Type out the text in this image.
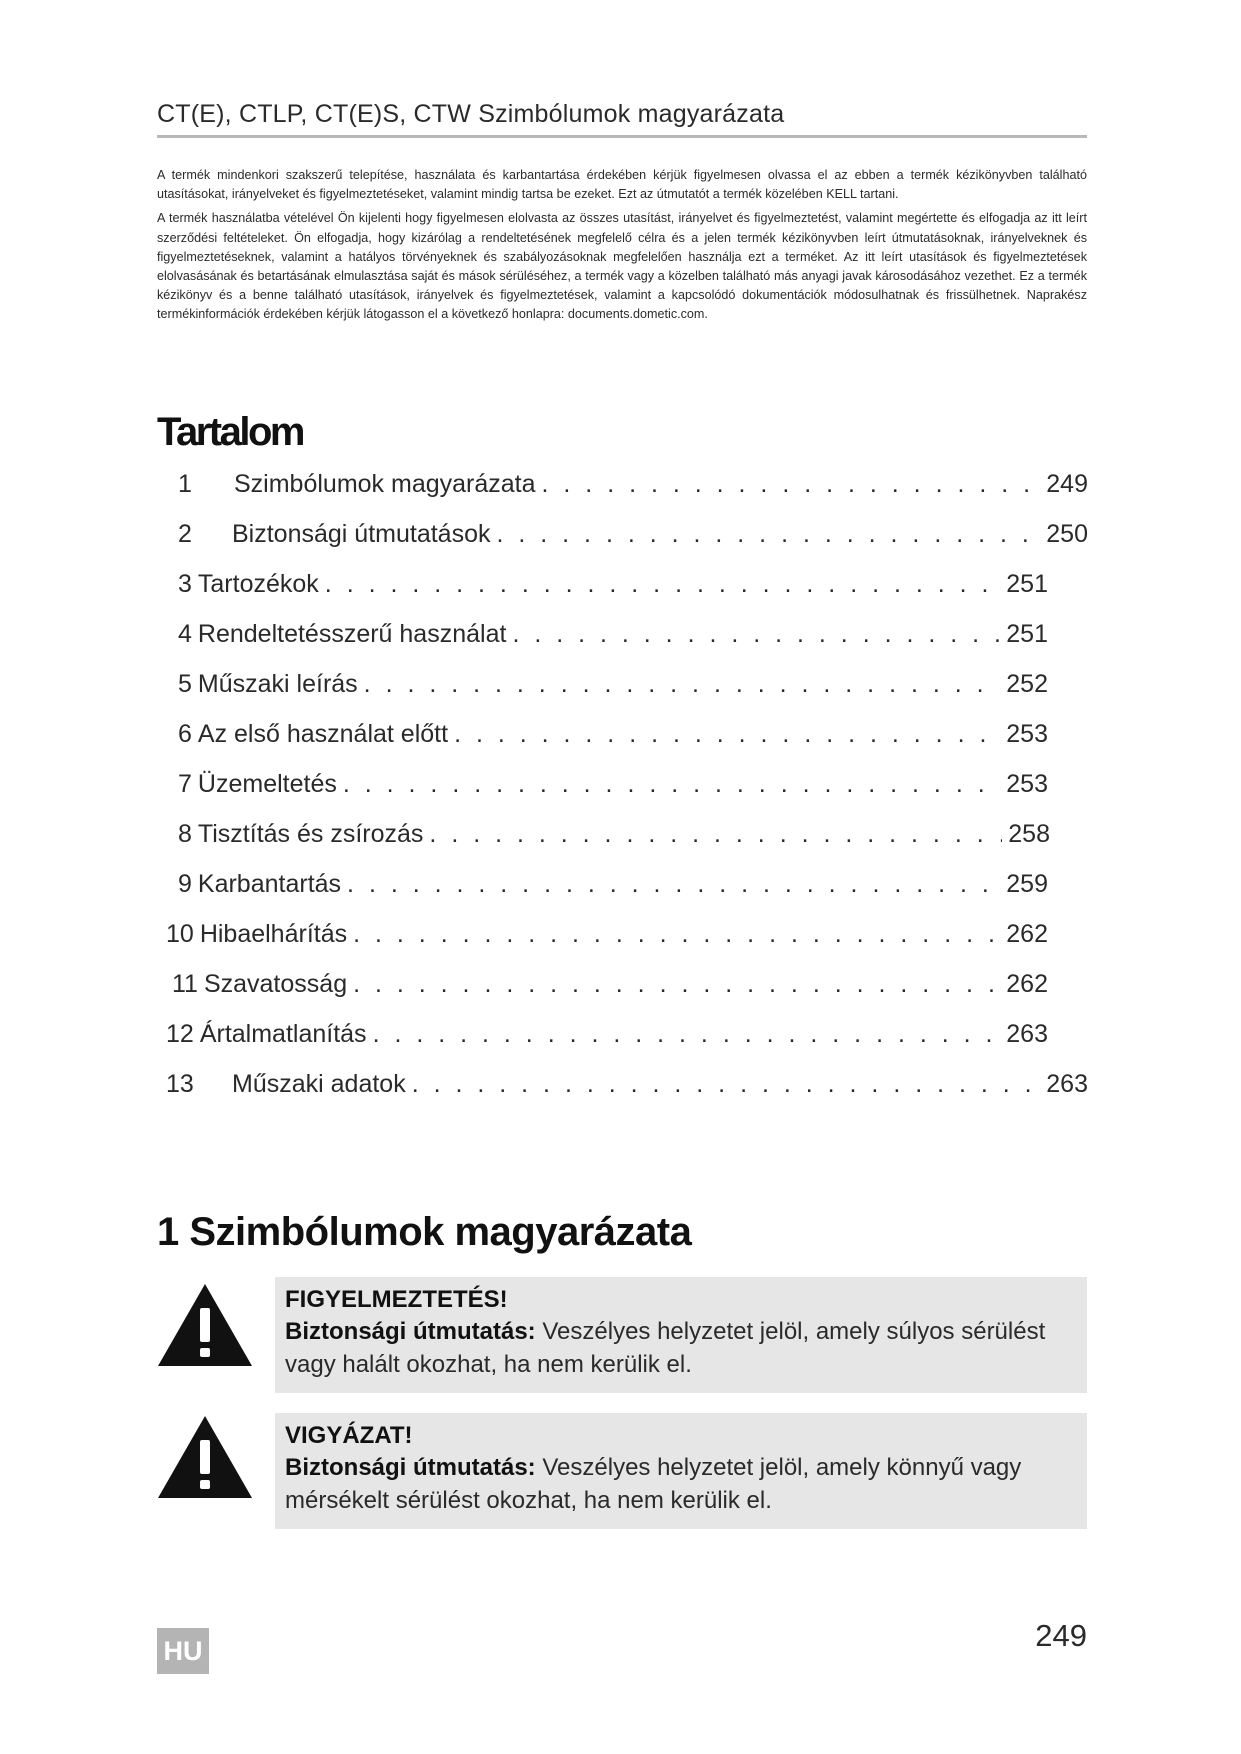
CT(E), CTLP, CT(E)S, CTW Szimbólumok magyarázata

A termék mindenkori szakszerű telepítése, használata és karbantartása érdekében kérjük figyelmesen olvassa el az ebben a termék kézikönyvben található utasításokat, irányelveket és figyelmeztetéseket, valamint mindig tartsa be ezeket. Ezt az útmutatót a termék közelében KELL tartani.

A termék használatba vételével Ön kijelenti hogy figyelmesen elolvasta az összes utasítást, irányelvet és figyelmeztetést, valamint megértette és elfogadja az itt leírt szerződési feltételeket. Ön elfogadja, hogy kizárólag a rendeltetésének megfelelő célra és a jelen termék kézikönyvben leírt útmutatásoknak, irányelveknek és figyelmeztetéseknek, valamint a hatályos törvényeknek és szabályozásoknak megfelelően használja ezt a terméket. Az itt leírt utasítások és figyelmeztetések elolvasásának és betartásának elmulasztása saját és mások sérüléséhez, a termék vagy a közelben található más anyagi javak károsodásához vezethet. Ez a termék kézikönyv és a benne található utasítások, irányelvek és figyelmeztetések, valamint a kapcsolódó dokumentációk módosulhatnak és frissülhetnek. Naprakész termékinformációk érdekében kérjük látogasson el a következő honlapra: documents.dometic.com.

Tartalom
1	Szimbólumok magyarázata . . .	249
2	Biztonsági útmutatások . . .	250
3 Tartozékok . . .	251
4 Rendeltetésszerű használat . . .	251
5 Műszaki leírás . . .	252
6 Az első használat előtt . . .	253
7 Üzemeltetés . . .	253
8 Tisztítás és zsírozás . . .	258
9 Karbantartás . . .	259
10 Hibaelhárítás . . .	262
11 Szavatosság . . .	262
12 Ártalmatlanítás . . .	263
13 Műszaki adatok . . .	263
1 Szimbólumok magyarázata
FIGYELMEZTETÉS!
Biztonsági útmutatás: Veszélyes helyzetet jelöl, amely súlyos sérülést vagy halált okozhat, ha nem kerülik el.
VIGYÁZAT!
Biztonsági útmutatás: Veszélyes helyzetet jelöl, amely könnyű vagy mérsékelt sérülést okozhat, ha nem kerülik el.
HU	249
